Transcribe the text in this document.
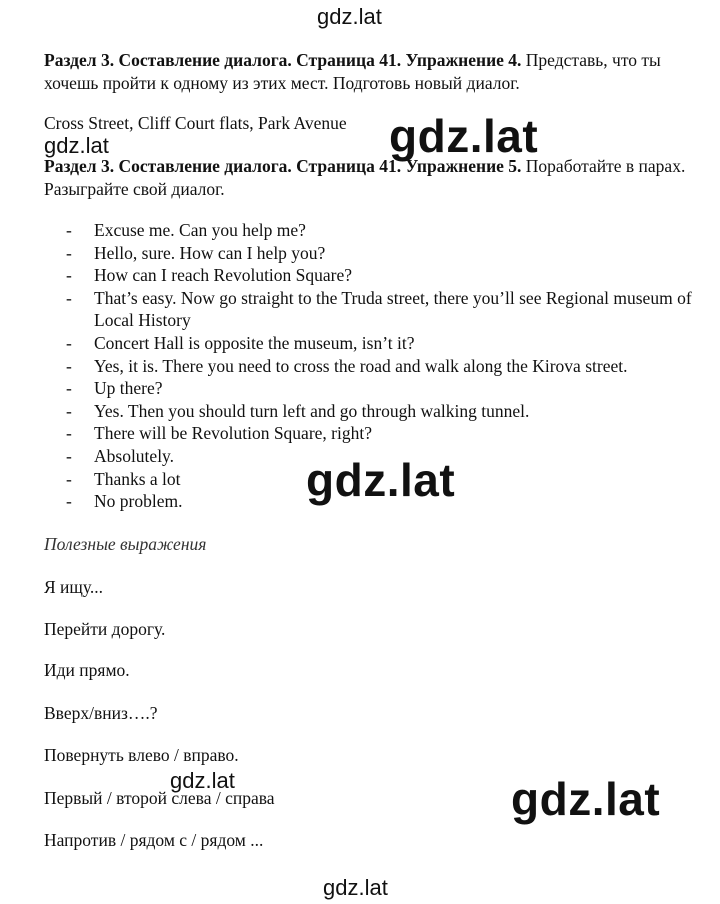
gdz.lat
Раздел 3. Составление диалога. Страница 41. Упражнение 4. Представь, что ты хочешь пройти к одному из этих мест. Подготовь новый диалог.
Cross Street, Cliff Court flats, Park Avenue
gdz.lat	gdz.lat
Раздел 3. Составление диалога. Страница 41. Упражнение 5. Поработайте в парах. Разыграйте свой диалог.
- Excuse me. Can you help me?
- Hello, sure. How can I help you?
- How can I reach Revolution Square?
- That’s easy. Now go straight to the Truda street, there you’ll see Regional museum of Local History
- Concert Hall is opposite the museum, isn’t it?
- Yes, it is. There you need to cross the road and walk along the Kirova street.
- Up there?
- Yes. Then you should turn left and go through walking tunnel.
- There will be Revolution Square, right?
- Absolutely.
- Thanks a lot
- No problem.	gdz.lat
Полезные выражения
Я ищу...
Перейти дорогу.
Иди прямо.
Вверх/вниз….?
Повернуть влево / вправо.
Первый / второй слева / справа
Напротив / рядом с / рядом ...
gdz.lat	gdz.lat
gdz.lat
